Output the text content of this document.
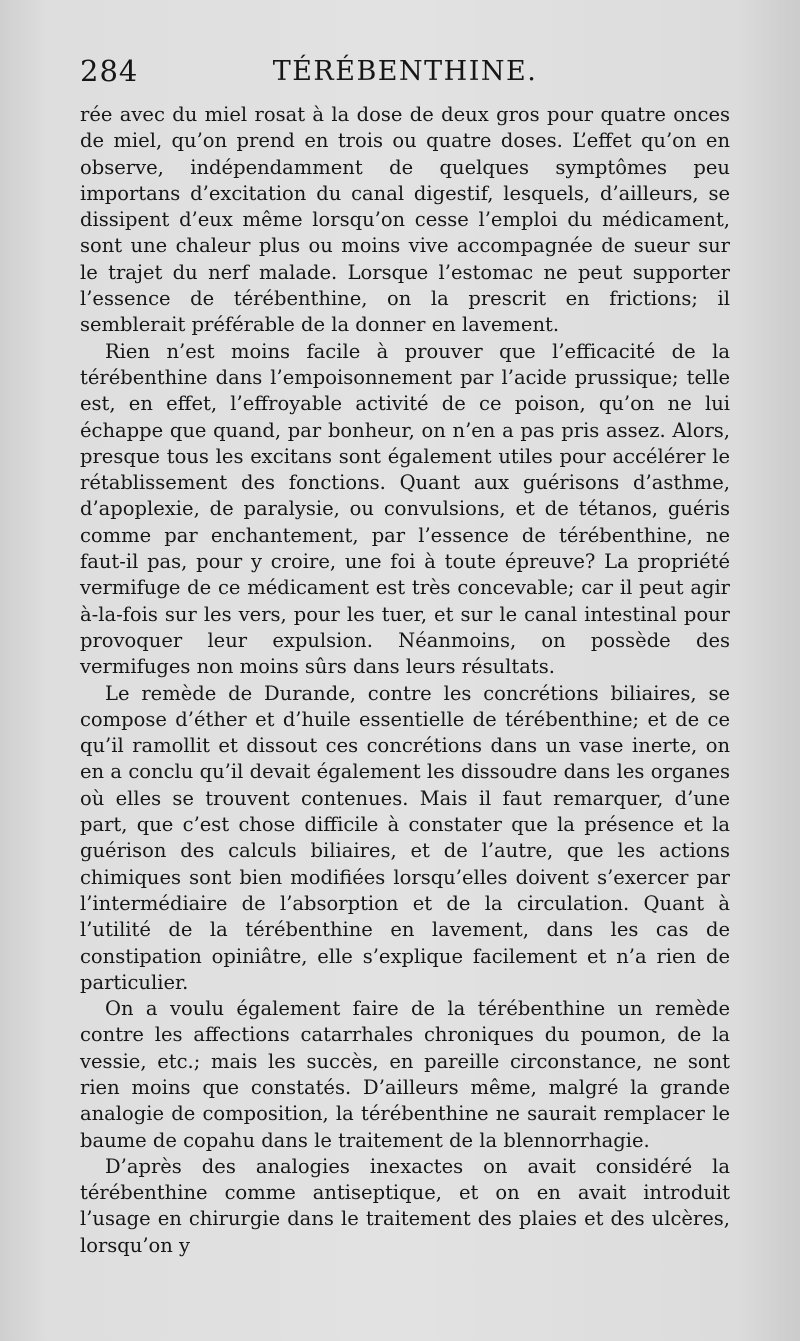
284	TÉRÉBENTHINE.

rée avec du miel rosat à la dose de deux gros pour quatre onces de miel, qu’on prend en trois ou quatre doses. L’effet qu’on en observe, indépendamment de quelques symptômes peu importans d’excitation du canal digestif, lesquels, d’ailleurs, se dissipent d’eux même lorsqu’on cesse l’emploi du médicament, sont une chaleur plus ou moins vive accompagnée de sueur sur le trajet du nerf malade. Lorsque l’estomac ne peut supporter l’essence de térébenthine, on la prescrit en frictions; il semblerait préférable de la donner en lavement.

Rien n’est moins facile à prouver que l’efficacité de la térébenthine dans l’empoisonnement par l’acide prussique; telle est, en effet, l’effroyable activité de ce poison, qu’on ne lui échappe que quand, par bonheur, on n’en a pas pris assez. Alors, presque tous les excitans sont également utiles pour accélérer le rétablissement des fonctions. Quant aux guérisons d’asthme, d’apoplexie, de paralysie, ou convulsions, et de tétanos, guéris comme par enchantement, par l’essence de térébenthine, ne faut-il pas, pour y croire, une foi à toute épreuve? La propriété vermifuge de ce médicament est très concevable; car il peut agir à-la-fois sur les vers, pour les tuer, et sur le canal intestinal pour provoquer leur expulsion. Néanmoins, on possède des vermifuges non moins sûrs dans leurs résultats.

Le remède de Durande, contre les concrétions biliaires, se compose d’éther et d’huile essentielle de térébenthine; et de ce qu’il ramollit et dissout ces concrétions dans un vase inerte, on en a conclu qu’il devait également les dissoudre dans les organes où elles se trouvent contenues. Mais il faut remarquer, d’une part, que c’est chose difficile à constater que la présence et la guérison des calculs biliaires, et de l’autre, que les actions chimiques sont bien modifiées lorsqu’elles doivent s’exercer par l’intermédiaire de l’absorption et de la circulation. Quant à l’utilité de la térébenthine en lavement, dans les cas de constipation opiniâtre, elle s’explique facilement et n’a rien de particulier.

On a voulu également faire de la térébenthine un remède contre les affections catarrhales chroniques du poumon, de la vessie, etc.; mais les succès, en pareille circonstance, ne sont rien moins que constatés. D’ailleurs même, malgré la grande analogie de composition, la térébenthine ne saurait remplacer le baume de copahu dans le traitement de la blennorrhagie.

D’après des analogies inexactes on avait considéré la térébenthine comme antiseptique, et on en avait introduit l’usage en chirurgie dans le traitement des plaies et des ulcères, lorsqu’on y
